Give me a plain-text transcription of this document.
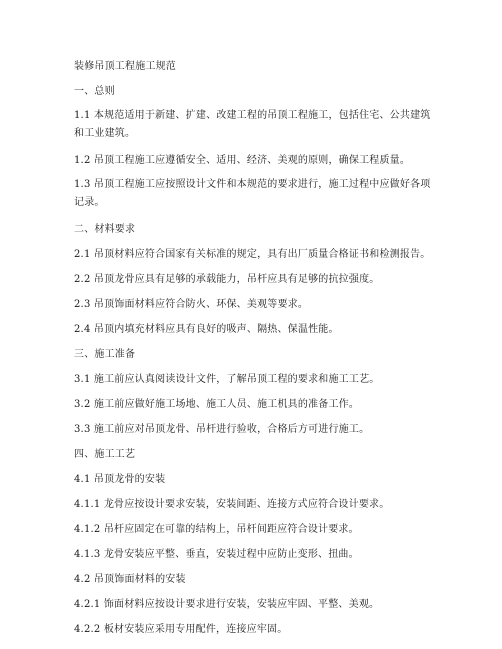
装修吊顶工程施工规范

一、总则

1.1 本规范适用于新建、扩建、改建工程的吊顶工程施工，包括住宅、公共建筑和工业建筑。

1.2 吊顶工程施工应遵循安全、适用、经济、美观的原则，确保工程质量。

1.3 吊顶工程施工应按照设计文件和本规范的要求进行，施工过程中应做好各项记录。

二、材料要求

2.1 吊顶材料应符合国家有关标准的规定，具有出厂质量合格证书和检测报告。

2.2 吊顶龙骨应具有足够的承载能力，吊杆应具有足够的抗拉强度。

2.3 吊顶饰面材料应符合防火、环保、美观等要求。

2.4 吊顶内填充材料应具有良好的吸声、隔热、保温性能。

三、施工准备

3.1 施工前应认真阅读设计文件，了解吊顶工程的要求和施工工艺。

3.2 施工前应做好施工场地、施工人员、施工机具的准备工作。

3.3 施工前应对吊顶龙骨、吊杆进行验收，合格后方可进行施工。

四、施工工艺

4.1 吊顶龙骨的安装

4.1.1 龙骨应按设计要求安装，安装间距、连接方式应符合设计要求。

4.1.2 吊杆应固定在可靠的结构上，吊杆间距应符合设计要求。

4.1.3 龙骨安装应平整、垂直，安装过程中应防止变形、扭曲。

4.2 吊顶饰面材料的安装

4.2.1 饰面材料应按设计要求进行安装，安装应牢固、平整、美观。

4.2.2 板材安装应采用专用配件，连接应牢固。
